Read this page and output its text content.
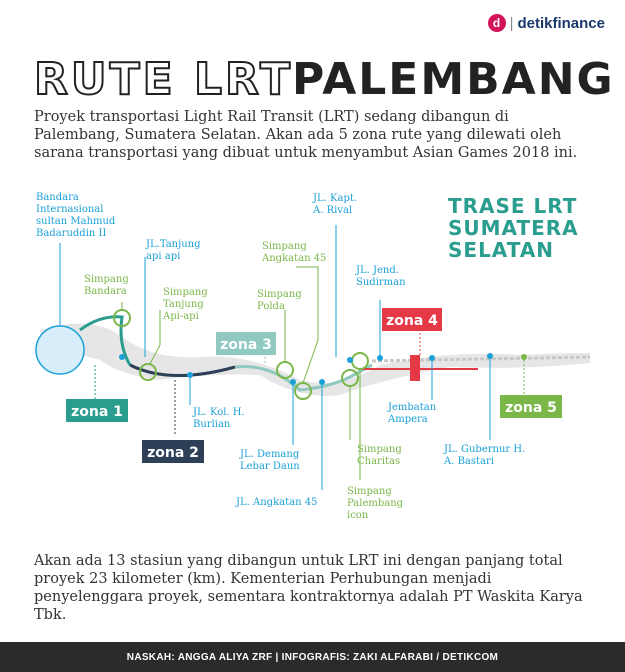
d | detikfinance
RUTE LRT PALEMBANG

Proyek transportasi Light Rail Transit (LRT) sedang dibangun di Palembang, Sumatera Selatan. Akan ada 5 zona rute yang dilewati oleh sarana transportasi yang dibuat untuk menyambut Asian Games 2018 ini.

zona 1
zona 2
zona 3
zona 4
zona 5
TRASE LRT
SUMATERA
SELATAN
Bandara
Internasional
sultan Mahmud
Badaruddin II
JL.Tanjung
api api
Simpang
Bandara	Simpang
Tanjung
Api-api
JL. Kol. H.
Burlian
JL. Kapt.
A. Rival
Simpang
Angkatan 45
Simpang
Polda
JL. Jend.
Sudirman
JL. Demang
Lebar Daun
JL. Angkatan 45
Simpang
Charitas
Simpang
Palembang
icon
Jembatan
Ampera
JL. Gubernur H.
A. Bastari

Akan ada 13 stasiun yang dibangun untuk LRT ini dengan panjang total proyek 23 kilometer (km). Kementerian Perhubungan menjadi penyelenggara proyek, sementara kontraktornya adalah PT Waskita Karya Tbk.

NASKAH: ANGGA ALIYA ZRF | INFOGRAFIS: ZAKI ALFARABI / DETIKCOM
